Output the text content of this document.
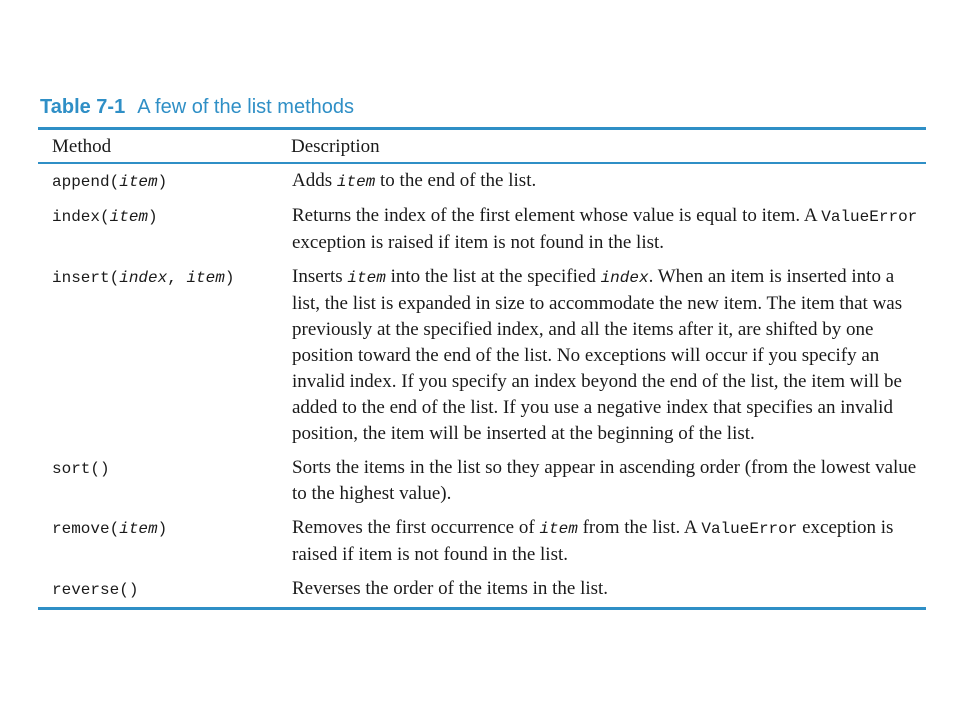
Table 7-1 A few of the list methods
Method	Description
append(item)	Adds item to the end of the list.
index(item)	Returns the index of the first element whose value is equal to item. A ValueError exception is raised if item is not found in the list.
insert(index, item)	Inserts item into the list at the specified index. When an item is inserted into a list, the list is expanded in size to accommodate the new item. The item that was previously at the specified index, and all the items after it, are shifted by one position toward the end of the list. No exceptions will occur if you specify an invalid index. If you specify an index beyond the end of the list, the item will be added to the end of the list. If you use a negative index that specifies an invalid position, the item will be inserted at the beginning of the list.
sort()	Sorts the items in the list so they appear in ascending order (from the lowest value to the highest value).
remove(item)	Removes the first occurrence of item from the list. A ValueError exception is raised if item is not found in the list.
reverse()	Reverses the order of the items in the list.
